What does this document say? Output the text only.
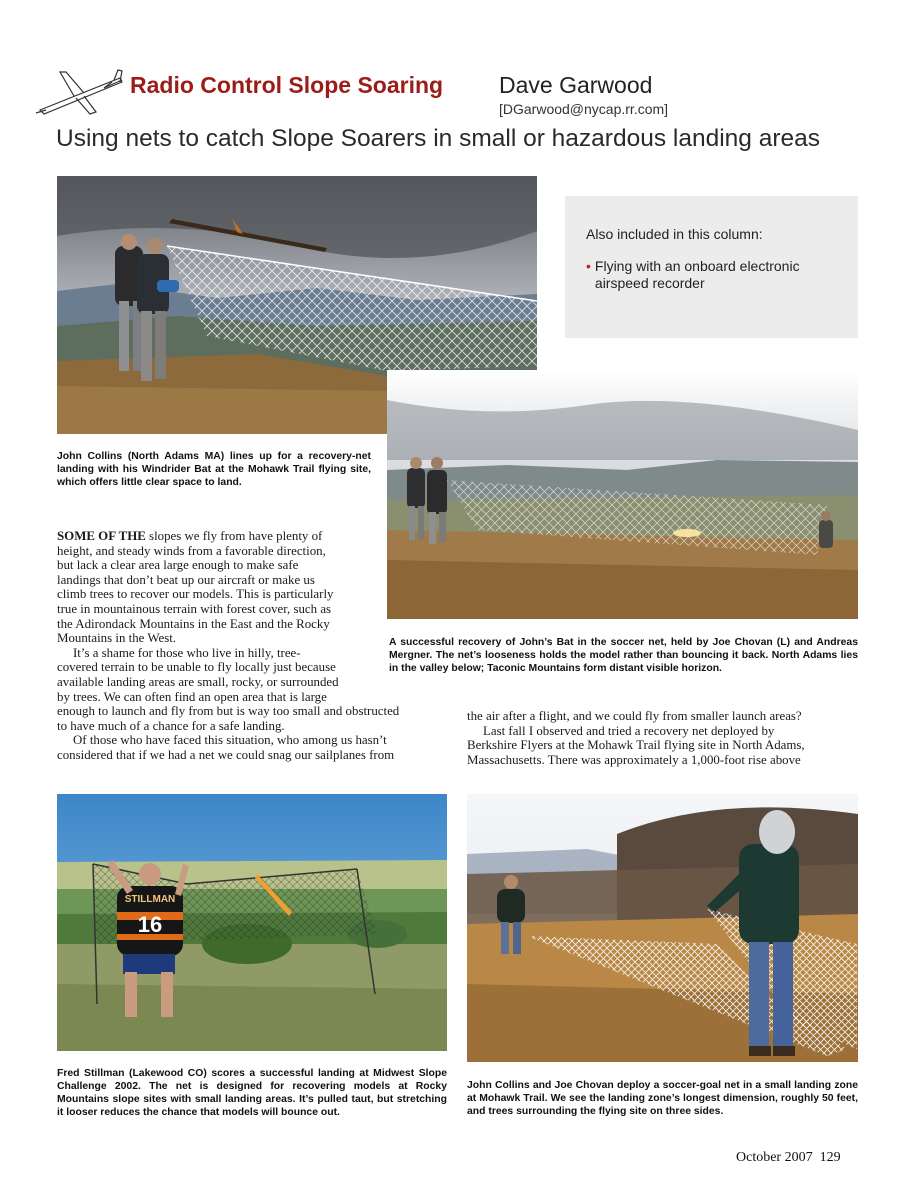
Radio Control Slope Soaring Dave Garwood
[DGarwood@nycap.rr.com]
Using nets to catch Slope Soarers in small or hazardous landing areas
Also included in this column:
• Flying with an onboard electronic airspeed recorder
John Collins (North Adams MA) lines up for a recovery-net landing with his Windrider Bat at the Mohawk Trail flying site, which offers little clear space to land.
A successful recovery of John’s Bat in the soccer net, held by Joe Chovan (L) and Andreas Mergner. The net’s looseness holds the model rather than bouncing it back. North Adams lies in the valley below; Taconic Mountains form distant visible horizon.

SOME OF THE slopes we fly from have plenty of
height, and steady winds from a favorable direction,
but lack a clear area large enough to make safe
landings that don’t beat up our aircraft or make us
climb trees to recover our models. This is particularly
true in mountainous terrain with forest cover, such as
the Adirondack Mountains in the East and the Rocky
Mountains in the West.

It’s a shame for those who live in hilly, tree-
covered terrain to be unable to fly locally just because
available landing areas are small, rocky, or surrounded
by trees. We can often find an open area that is large
enough to launch and fly from but is way too small and obstructed
to have much of a chance for a safe landing.

Of those who have faced this situation, who among us hasn’t
considered that if we had a net we could snag our sailplanes from

the air after a flight, and we could fly from smaller launch areas?

Last fall I observed and tried a recovery net deployed by
Berkshire Flyers at the Mohawk Trail flying site in North Adams,
Massachusetts. There was approximately a 1,000-foot rise above

STILLMAN
16
Fred Stillman (Lakewood CO) scores a successful landing at Midwest Slope Challenge 2002. The net is designed for recovering models at Rocky Mountains slope sites with small landing areas. It’s pulled taut, but stretching it looser reduces the chance that models will bounce out.
John Collins and Joe Chovan deploy a soccer-goal net in a small landing zone at Mohawk Trail. We see the landing zone’s longest dimension, roughly 50 feet, and trees surrounding the flying site on three sides.
October 2007 129
